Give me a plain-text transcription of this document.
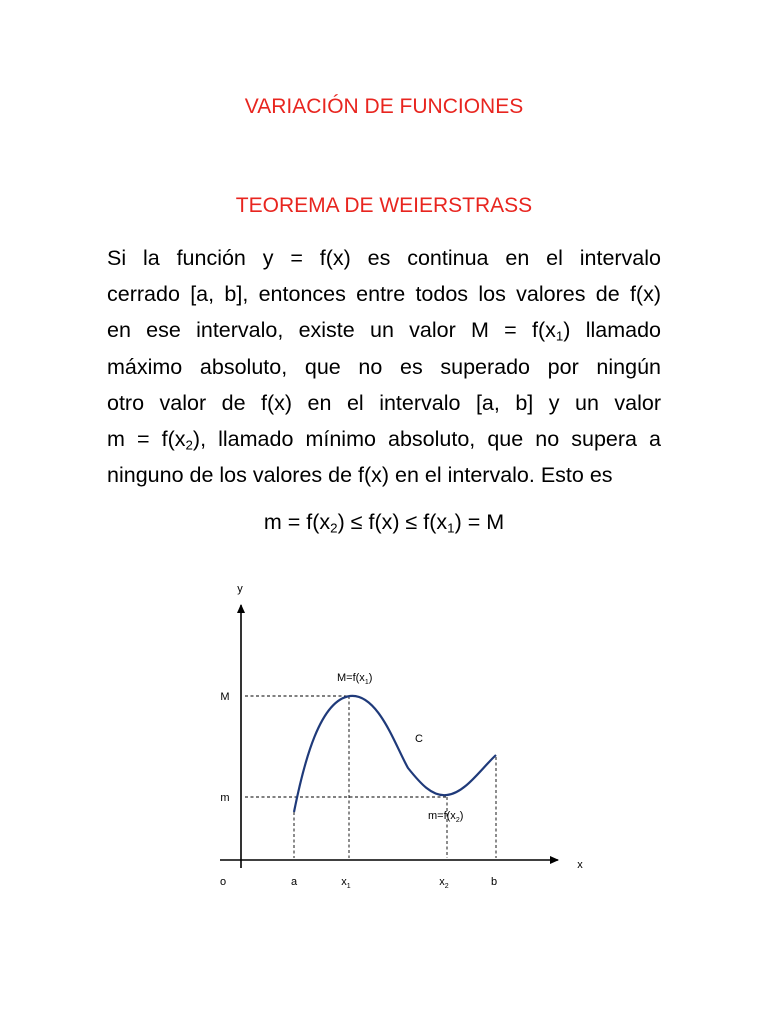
VARIACIÓN DE FUNCIONES
TEOREMA DE WEIERSTRASS
Si la función y = f(x) es continua en el intervalo
cerrado [a, b], entonces entre todos los valores de f(x)
en ese intervalo, existe un valor $M = f(x_1)$ llamado
máximo absoluto, que no es superado por ningún
otro valor de f(x) en el intervalo [a, b] y un valor
$m = f(x_2)$, llamado mínimo absoluto, que no supera a
ninguno de los valores de f(x) en el intervalo. Esto es
$m = f(x_2) \le f(x) \le f(x_1) = M$
y
x
o	a	$x_1$	$x_2$	b
M
m
$M=f(x_1)$
$m=f(x_2)$
C
